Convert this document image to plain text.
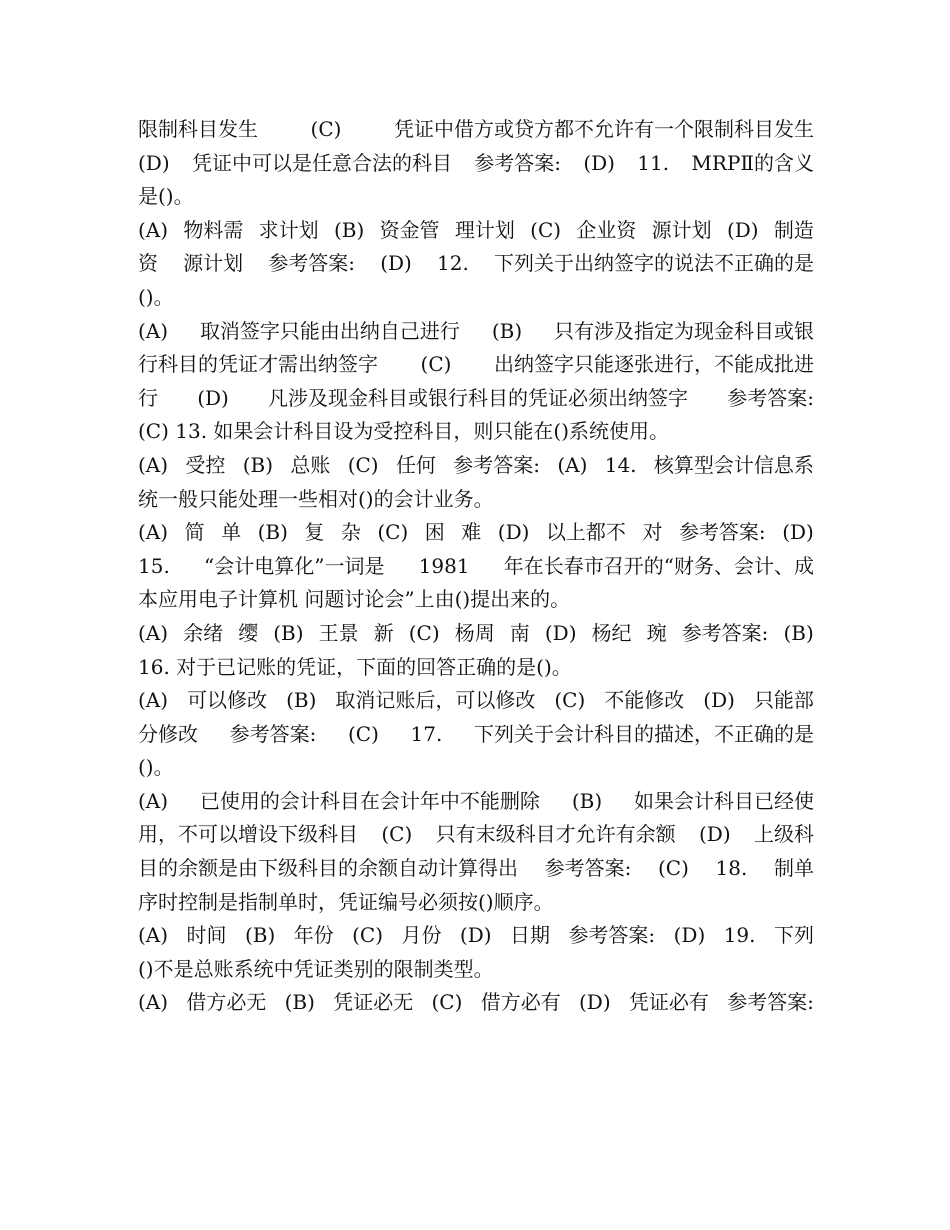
限制科目发生	(C)	凭证中借方或贷方都不允许有一个限制科目发生
(D) 凭证中可以是任意合法的科目 参考答案: (D) 11. MRPⅡ的含义
是()。
(A) 物料需 求计划 (B) 资金管 理计划 (C) 企业资 源计划 (D) 制造
资 源计划 参考答案: (D) 12. 下列关于出纳签字的说法不正确的是
()。
(A) 取消签字只能由出纳自己进行 (B) 只有涉及指定为现金科目或银
行科目的凭证才需出纳签字 (C) 出纳签字只能逐张进行，不能成批进
行 (D) 凡涉及现金科目或银行科目的凭证必须出纳签字 参考答案:
(C) 13. 如果会计科目设为受控科目，则只能在()系统使用。
(A) 受控 (B) 总账 (C) 任何 参考答案: (A) 14. 核算型会计信息系
统一般只能处理一些相对()的会计业务。
(A) 简 单 (B) 复 杂 (C) 困 难 (D) 以上都不 对 参考答案: (D)
15. “会计电算化”一词是 1981 年在长春市召开的“财务、会计、成
本应用电子计算机 问题讨论会”上由()提出来的。
(A) 余绪 缨 (B) 王景 新 (C) 杨周 南 (D) 杨纪 琬 参考答案: (B)
16. 对于已记账的凭证，下面的回答正确的是()。
(A) 可以修改 (B) 取消记账后，可以修改 (C) 不能修改 (D) 只能部
分修改 参考答案: (C) 17. 下列关于会计科目的描述，不正确的是
()。
(A) 已使用的会计科目在会计年中不能删除 (B) 如果会计科目已经使
用，不可以增设下级科目 (C) 只有末级科目才允许有余额 (D) 上级科
目的余额是由下级科目的余额自动计算得出 参考答案: (C) 18. 制单
序时控制是指制单时，凭证编号必须按()顺序。
(A) 时间 (B) 年份 (C) 月份 (D) 日期 参考答案: (D) 19. 下列
()不是总账系统中凭证类别的限制类型。
(A) 借方必无 (B) 凭证必无 (C) 借方必有 (D) 凭证必有 参考答案:
